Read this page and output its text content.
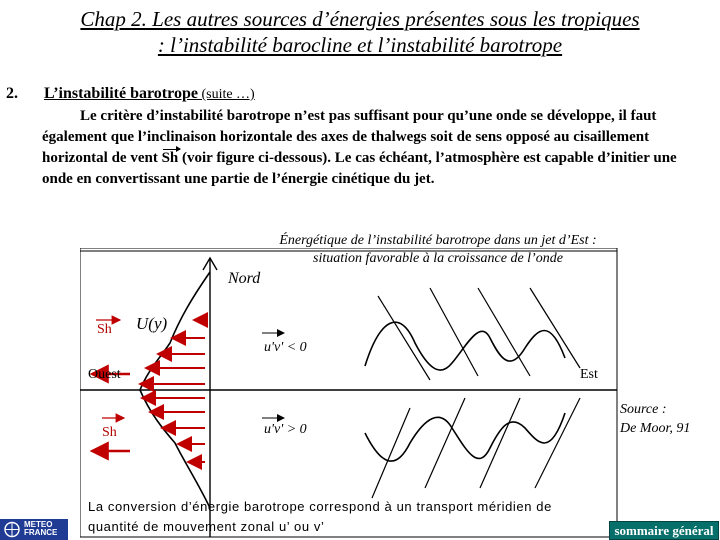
Chap 2. Les autres sources d’énergies présentes sous les tropiques
: l’instabilité barocline et l’instabilité barotrope
2. L’instabilité barotrope (suite …)
Le critère d’instabilité barotrope n’est pas suffisant pour qu’une onde se développe, il faut également que l’inclinaison horizontale des axes de thalwegs soit de sens opposé au cisaillement horizontal de vent Sh (voir figure ci-dessous). Le cas échéant, l’atmosphère est capable d’initier une onde en convertissant une partie de l’énergie cinétique du jet.
Énergétique de l’instabilité barotrope dans un jet d’Est :
situation favorable à la croissance de l’onde
Sh
Ouest	Est
Sh
Nord
U(y)
u'v' < 0
u'v' > 0
Source :
De Moor, 91
La conversion d’énergie barotrope correspond à un transport méridien de
quantité de mouvement zonal u’ ou v’
METEO
FRANCE	sommaire général
